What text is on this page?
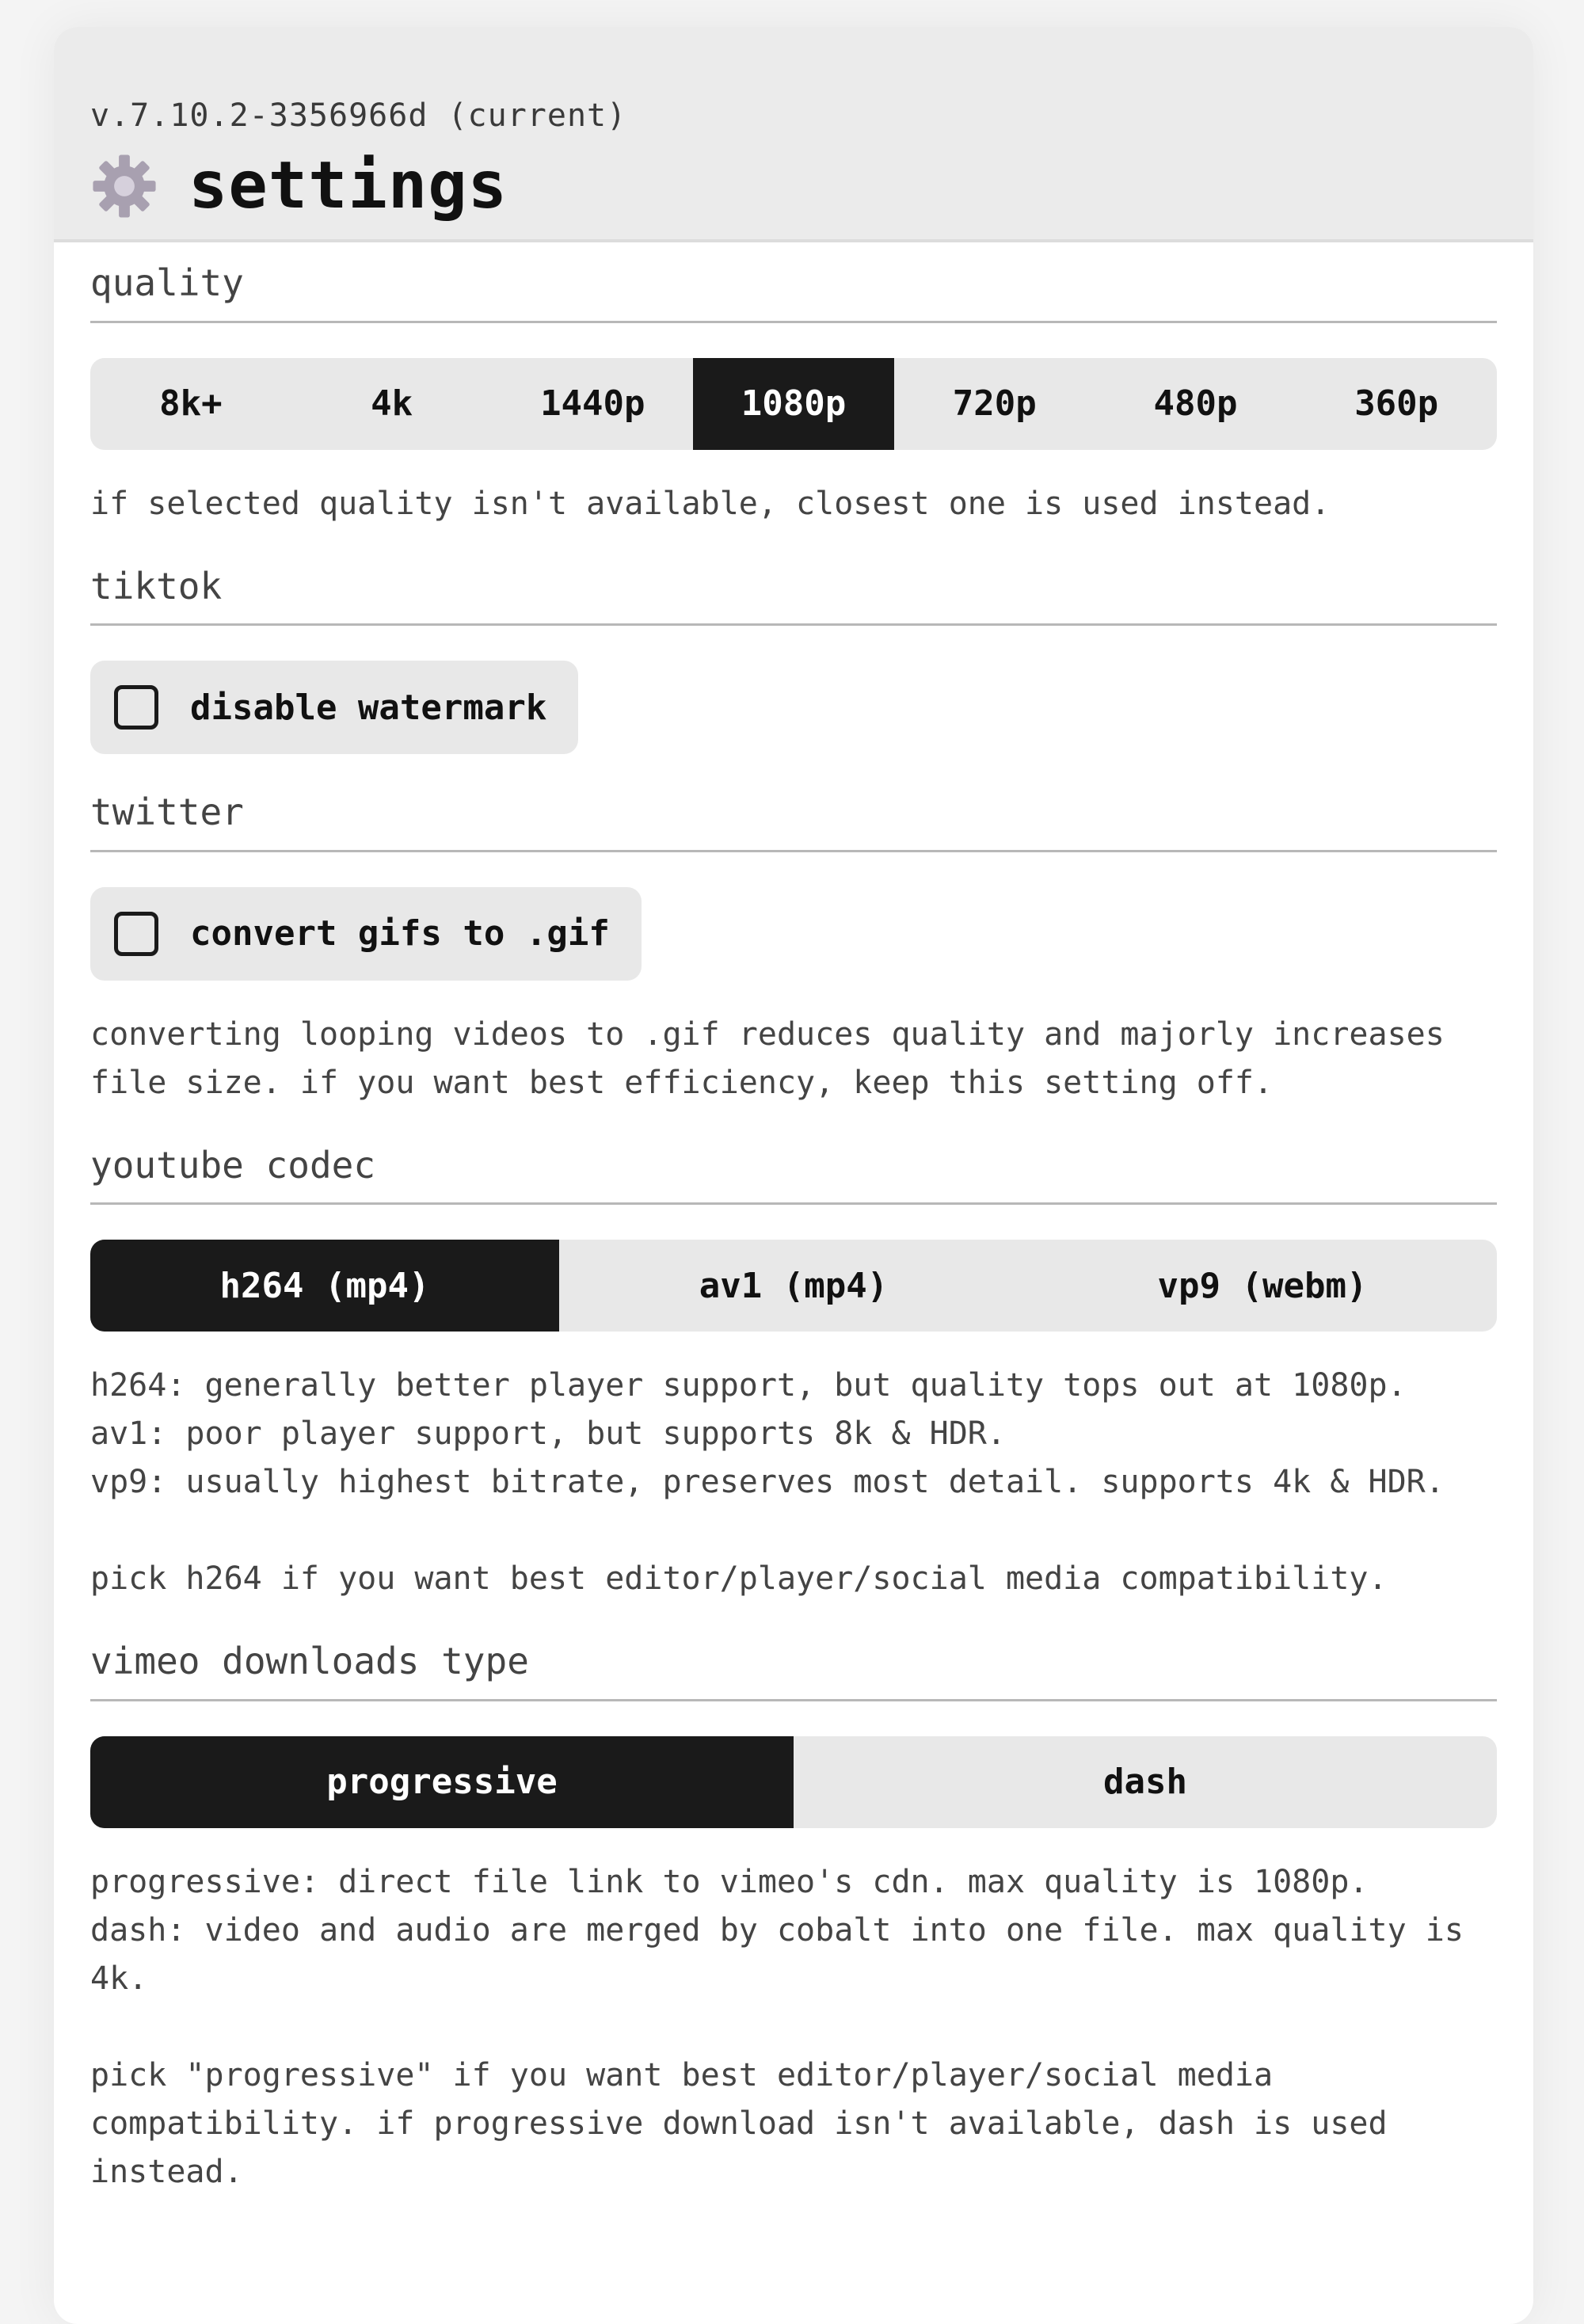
v.7.10.2-3356966d (current)
settings
quality
8k+	4k	1440p	1080p	720p	480p	360p
if selected quality isn't available, closest one is used instead.
tiktok
disable watermark
twitter
convert gifs to .gif
converting looping videos to .gif reduces quality and majorly increases
file size. if you want best efficiency, keep this setting off.
youtube codec
h264 (mp4)	av1 (mp4)	vp9 (webm)
h264: generally better player support, but quality tops out at 1080p.
av1: poor player support, but supports 8k & HDR.
vp9: usually highest bitrate, preserves most detail. supports 4k & HDR.

pick h264 if you want best editor/player/social media compatibility.
vimeo downloads type
progressive	dash
progressive: direct file link to vimeo's cdn. max quality is 1080p.
dash: video and audio are merged by cobalt into one file. max quality is
4k.

pick "progressive" if you want best editor/player/social media
compatibility. if progressive download isn't available, dash is used
instead.
